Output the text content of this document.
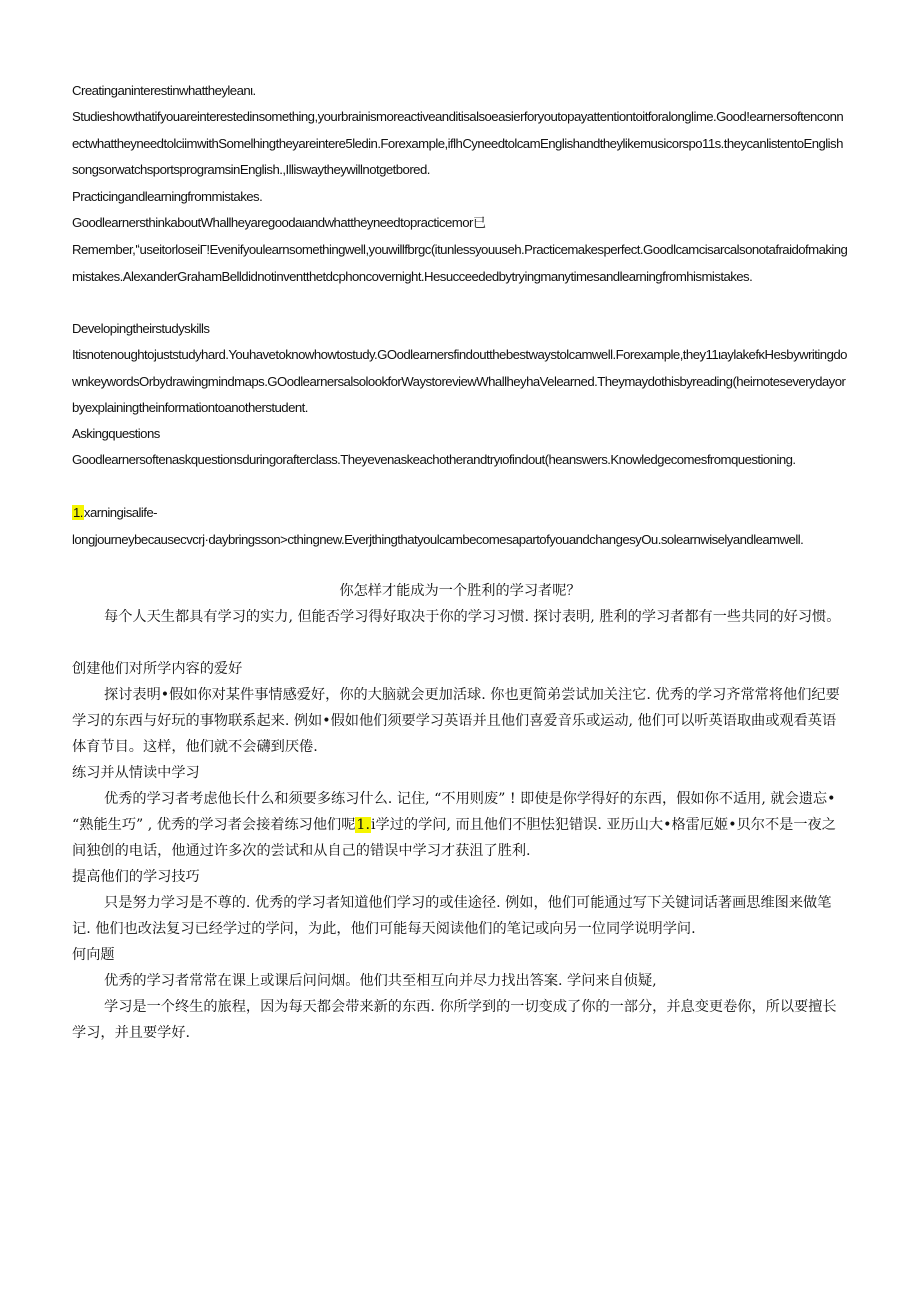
Creatinganinterestinwhattheyleanι.

Studieshowthatifyouareinterestedinsomething,yourbrainismoreactiveanditisalsoeasierforyoutopayattentiontoitforalonglime.Good!earnersoftenconnectwhattheyneedtolciimwithSomelhingtheyareintere5ledin.Forexample,iflhCyneedtolcamEnglishandtheylikemusicorspo11s.theycanlistentoEnglishsongsorwatchsportsprogramsinEnglish.,Illiswaytheywillnotgetbored.

Practicingandlearningfrommistakes.

GoodlearnersthinkaboutWhallheyaregoodaιandwhattheyneedtopracticemor已

Remember,'ʻuseitorloseiΓ!Evenifyoulearnsomethingwell,youwillfbrgc(itunlessyouuseh.Practicemakesperfect.Goodlcamcisarcalsonotafraidofmakingmistakes.AlexanderGrahamBelldidnotinventthetdcphoncovernight.Hesucceededbytryingmanytimesandlearningfromhismistakes.

Developingtheirstudyskills

Itisnotenoughtojuststudyhard.Youhavetoknowhowtostudy.GOodlearnersfindoutthebestwaystolcamwell.Forexample,they11ιaylakefκHesbywritingdownkeywordsOrbydrawingmindmaps.GOodlearnersalsolookforWaystoreviewWhallheyhaVelearned.Theymaydothisbyreading(heirnoteseverydayorbyexplainingtheinformationtoanotherstudent.

Askingquestions

Goodlearnersoftenaskquestionsduringorafterclass.Theyevenaskeachotherandtryιofindout(heanswers.Knowledgecomesfromquestioning.

1.xarningisalife-

longjourneybecausecvcrj·daybringsson>cthingnew.EverjthingthatyoulcambecomesapartofyouandchangesyOu.solearnwiselyandleamwell.

你怎样才能成为一个胜利的学习者呢？

每个人天生都具有学习的实力, 但能否学习得好取决于你的学习习惯. 探讨表明, 胜利的学习者都有一些共同的好习惯。

创建他们对所学内容的爱好

探讨表明•假如你对某件事情感爱好，你的大脑就会更加活球. 你也更简弟尝试加关注它. 优秀的学习齐常常将他们纪要学习的东西与好玩的事物联系起来. 例如•假如他们须要学习英语并且他们喜爱音乐或运动, 他们可以听英语取曲或观看英语体育节目。这样，他们就不会礴到厌倦.

练习并从情读中学习

优秀的学习者考虑他长什么和须要多练习什么. 记住, “不用则废” ! 即使是你学得好的东西，假如你不适用, 就会遗忘• “熟能生巧” , 优秀的学习者会接着练习他们呢1.i学过的学问, 而且他们不胆怯犯错误. 亚历山大•格雷厄姬•贝尔不是一夜之间独创的电话，他通过许多次的尝试和从自己的错误中学习才获沮了胜利.

提高他们的学习技巧

只是努力学习是不尊的. 优秀的学习者知道他们学习的或佳途径. 例如，他们可能通过写下关键词话著画思维图来做笔记. 他们也改法复习已经学过的学问，为此，他们可能每天阅读他们的笔记或向另一位同学说明学问.

何向题

优秀的学习者常常在课上或课后问问烟。他们共至相互向并尽力找出答案. 学问来自侦疑,

学习是一个终生的旅程，因为每天都会带来新的东西. 你所学到的一切变成了你的一部分，并息变更卷你，所以要擅长学习，并且要学好.
